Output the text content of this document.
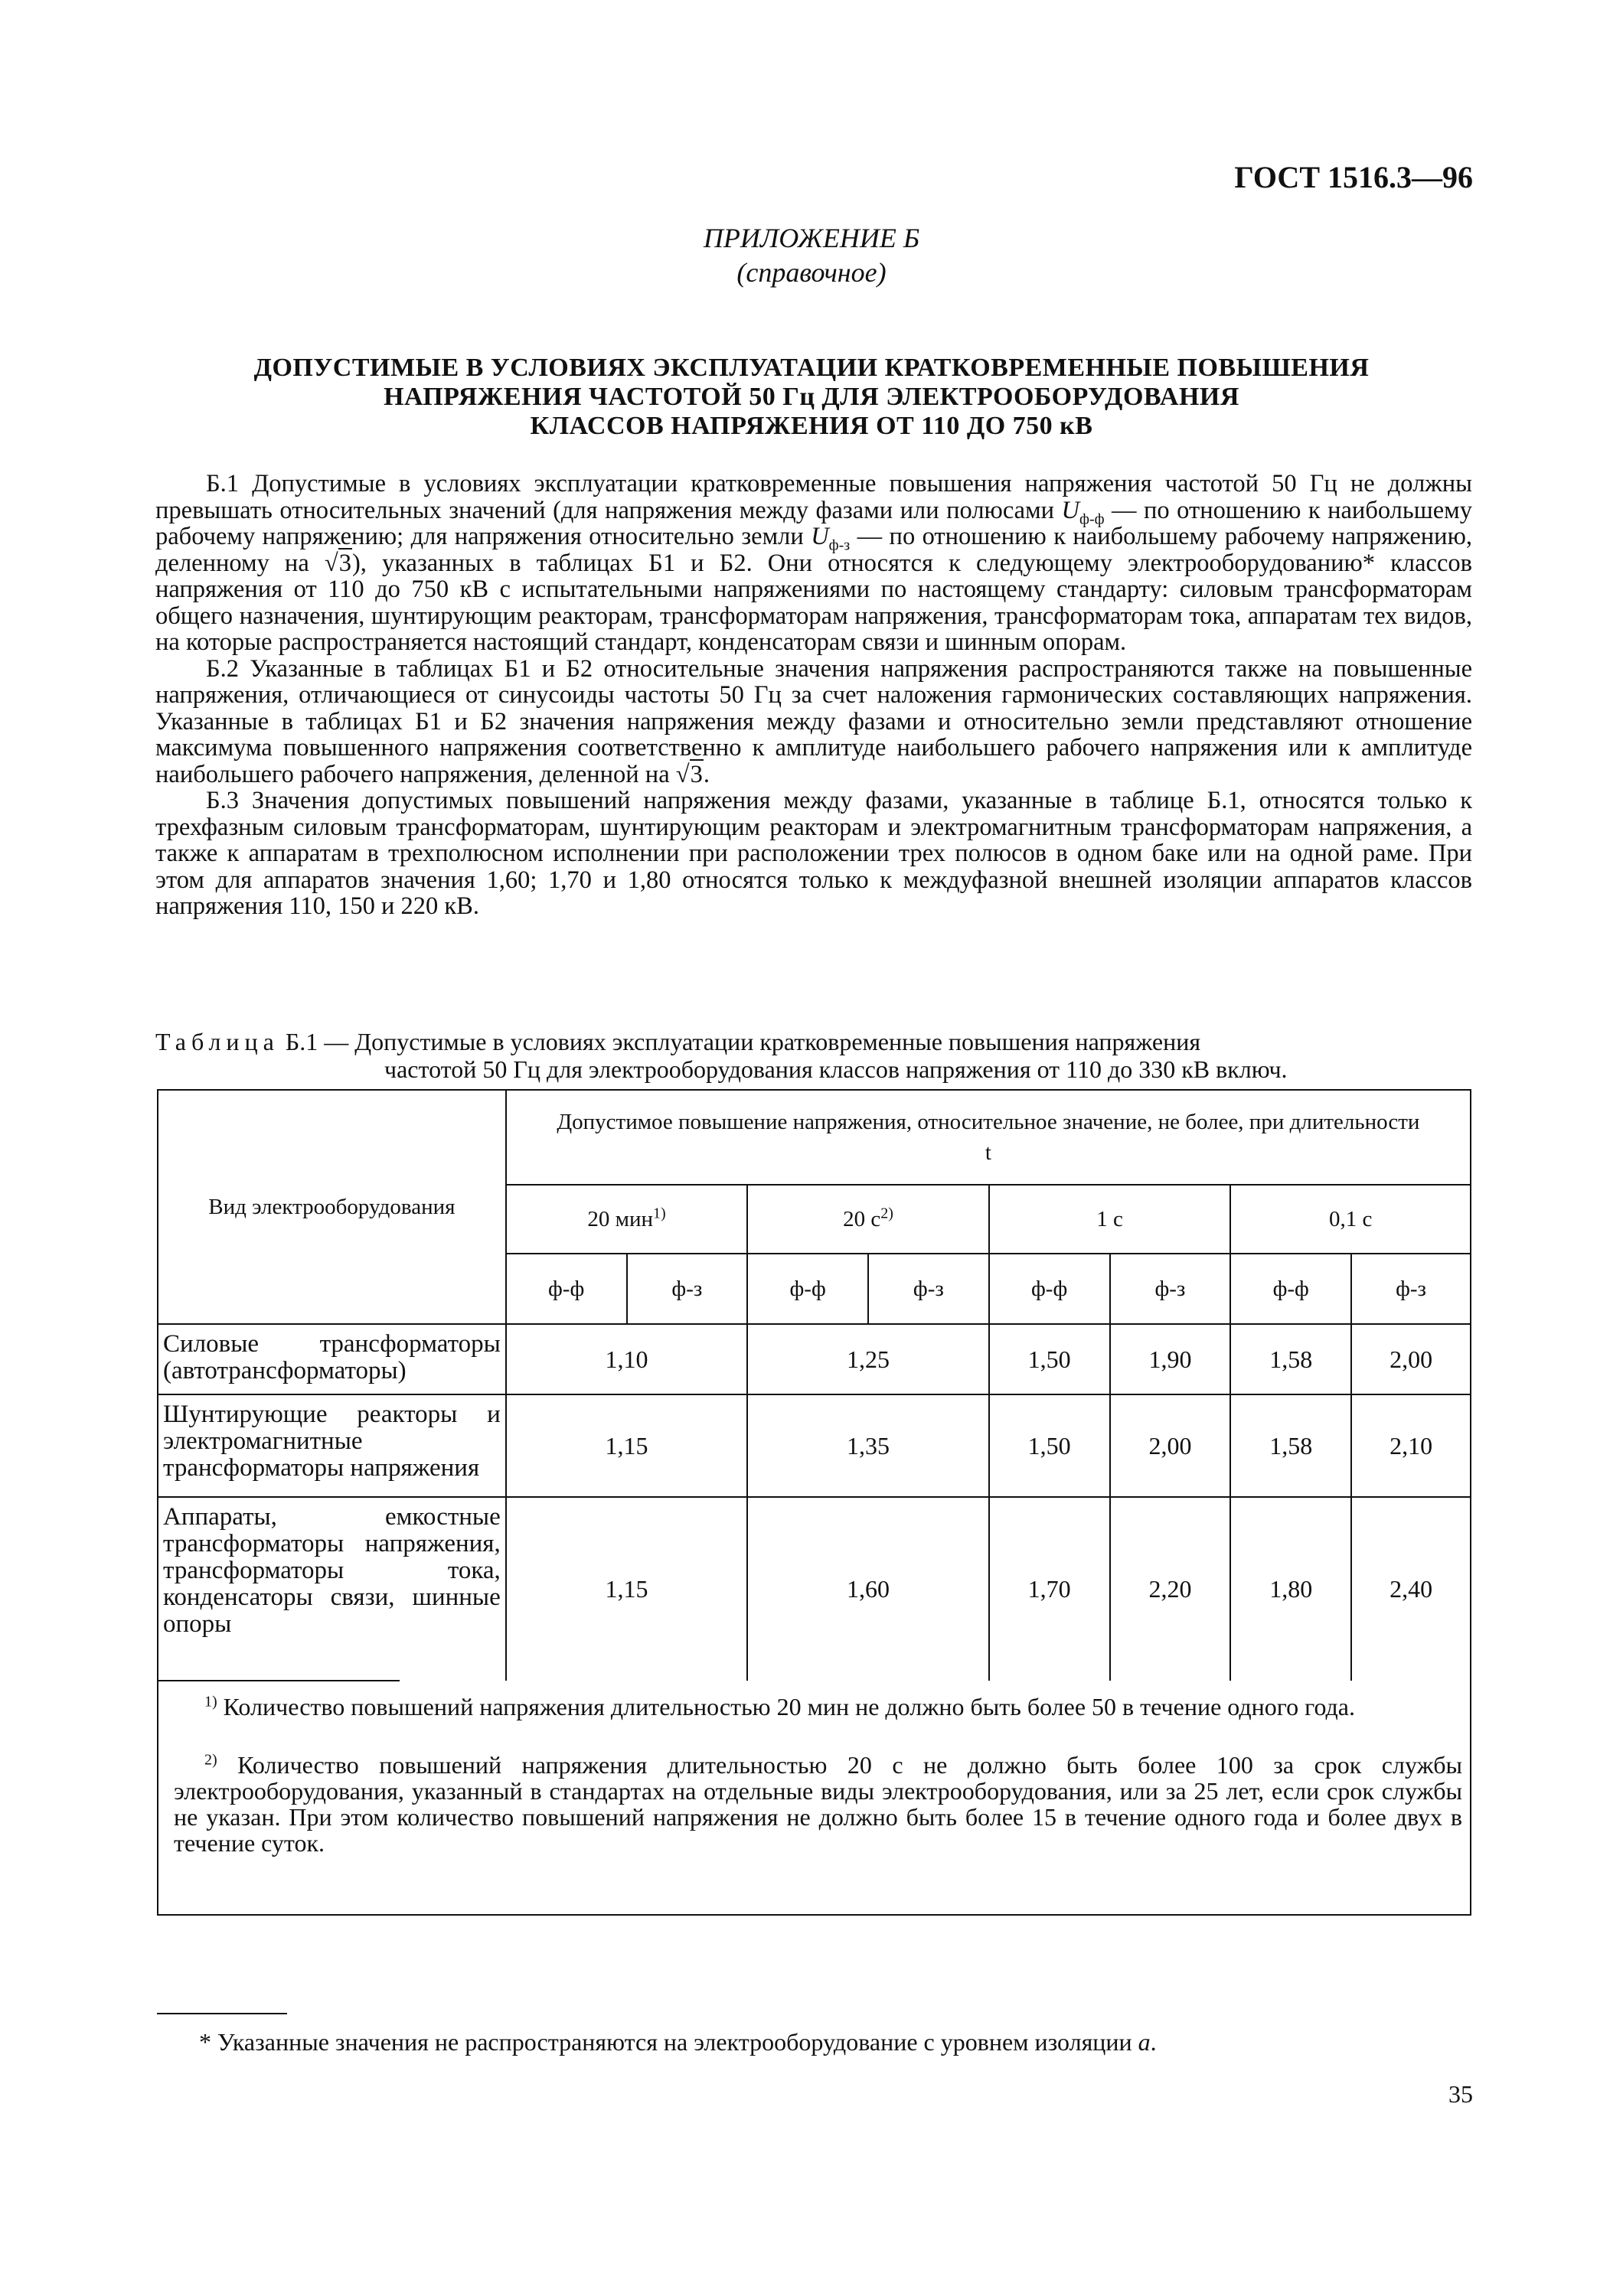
ГОСТ 1516.3—96
ПРИЛОЖЕНИЕ Б
(справочное)
ДОПУСТИМЫЕ В УСЛОВИЯХ ЭКСПЛУАТАЦИИ КРАТКОВРЕМЕННЫЕ ПОВЫШЕНИЯ
НАПРЯЖЕНИЯ ЧАСТОТОЙ 50 Гц ДЛЯ ЭЛЕКТРООБОРУДОВАНИЯ
КЛАССОВ НАПРЯЖЕНИЯ ОТ 110 ДО 750 кВ

Б.1 Допустимые в условиях эксплуатации кратковременные повышения напряжения частотой 50 Гц не должны превышать относительных значений (для напряжения между фазами или полюсами $U_{ф-ф}$ — по отношению к наибольшему рабочему напряжению; для напряжения относительно земли $U_{ф-з}$ — по отношению к наибольшему рабочему напряжению, деленному на √3), указанных в таблицах Б1 и Б2. Они относятся к следующему электрооборудованию* классов напряжения от 110 до 750 кВ с испытательными напряжениями по настоящему стандарту: силовым трансформаторам общего назначения, шунтирующим реакторам, трансформаторам напряжения, трансформаторам тока, аппаратам тех видов, на которые распространяется настоящий стандарт, конденсаторам связи и шинным опорам.

Б.2 Указанные в таблицах Б1 и Б2 относительные значения напряжения распространяются также на повышенные напряжения, отличающиеся от синусоиды частоты 50 Гц за счет наложения гармонических составляющих напряжения. Указанные в таблицах Б1 и Б2 значения напряжения между фазами и относительно земли представляют отношение максимума повышенного напряжения соответственно к амплитуде наибольшего рабочего напряжения или к амплитуде наибольшего рабочего напряжения, деленной на √3.

Б.3 Значения допустимых повышений напряжения между фазами, указанные в таблице Б.1, относятся только к трехфазным силовым трансформаторам, шунтирующим реакторам и электромагнитным трансформаторам напряжения, а также к аппаратам в трехполюсном исполнении при расположении трех полюсов в одном баке или на одной раме. При этом для аппаратов значения 1,60; 1,70 и 1,80 относятся только к междуфазной внешней изоляции аппаратов классов напряжения 110, 150 и 220 кВ.

Таблица Б.1 — Допустимые в условиях эксплуатации кратковременные повышения напряжения
частотой 50 Гц для электрооборудования классов напряжения от 110 до 330 кВ включ.
Вид электрооборудования	Допустимое повышение напряжения, относительное значение, не более, при длительности t							
	20 мин$^{1)}$		20 $с^{2)}$		1 с		0,1 с	
	ф-ф	ф-з	ф-ф	ф-з	ф-ф	ф-з	ф-ф	ф-з
Силовые трансформаторы (автотрансформаторы)	1,10		1,25		1,50	1,90	1,58	2,00
Шунтирующие реакторы и электромагнитные трансформаторы напряжения	1,15		1,35		1,50	2,00	1,58	2,10
Аппараты, емкостные трансформаторы напряжения, трансформаторы тока, конденсаторы связи, шинные опоры	1,15		1,60		1,70	2,20	1,80	2,40
$^{1)}$ Количество повышений напряжения длительностью 20 мин не должно быть более 50 в течение одного года.
$^{2)}$ Количество повышений напряжения длительностью 20 с не должно быть более 100 за срок службы электрооборудования, указанный в стандартах на отдельные виды электрооборудования, или за 25 лет, если срок службы не указан. При этом количество повышений напряжения не должно быть более 15 в течение одного года и более двух в течение суток.
* Указанные значения не распространяются на электрооборудование с уровнем изоляции а.
35
